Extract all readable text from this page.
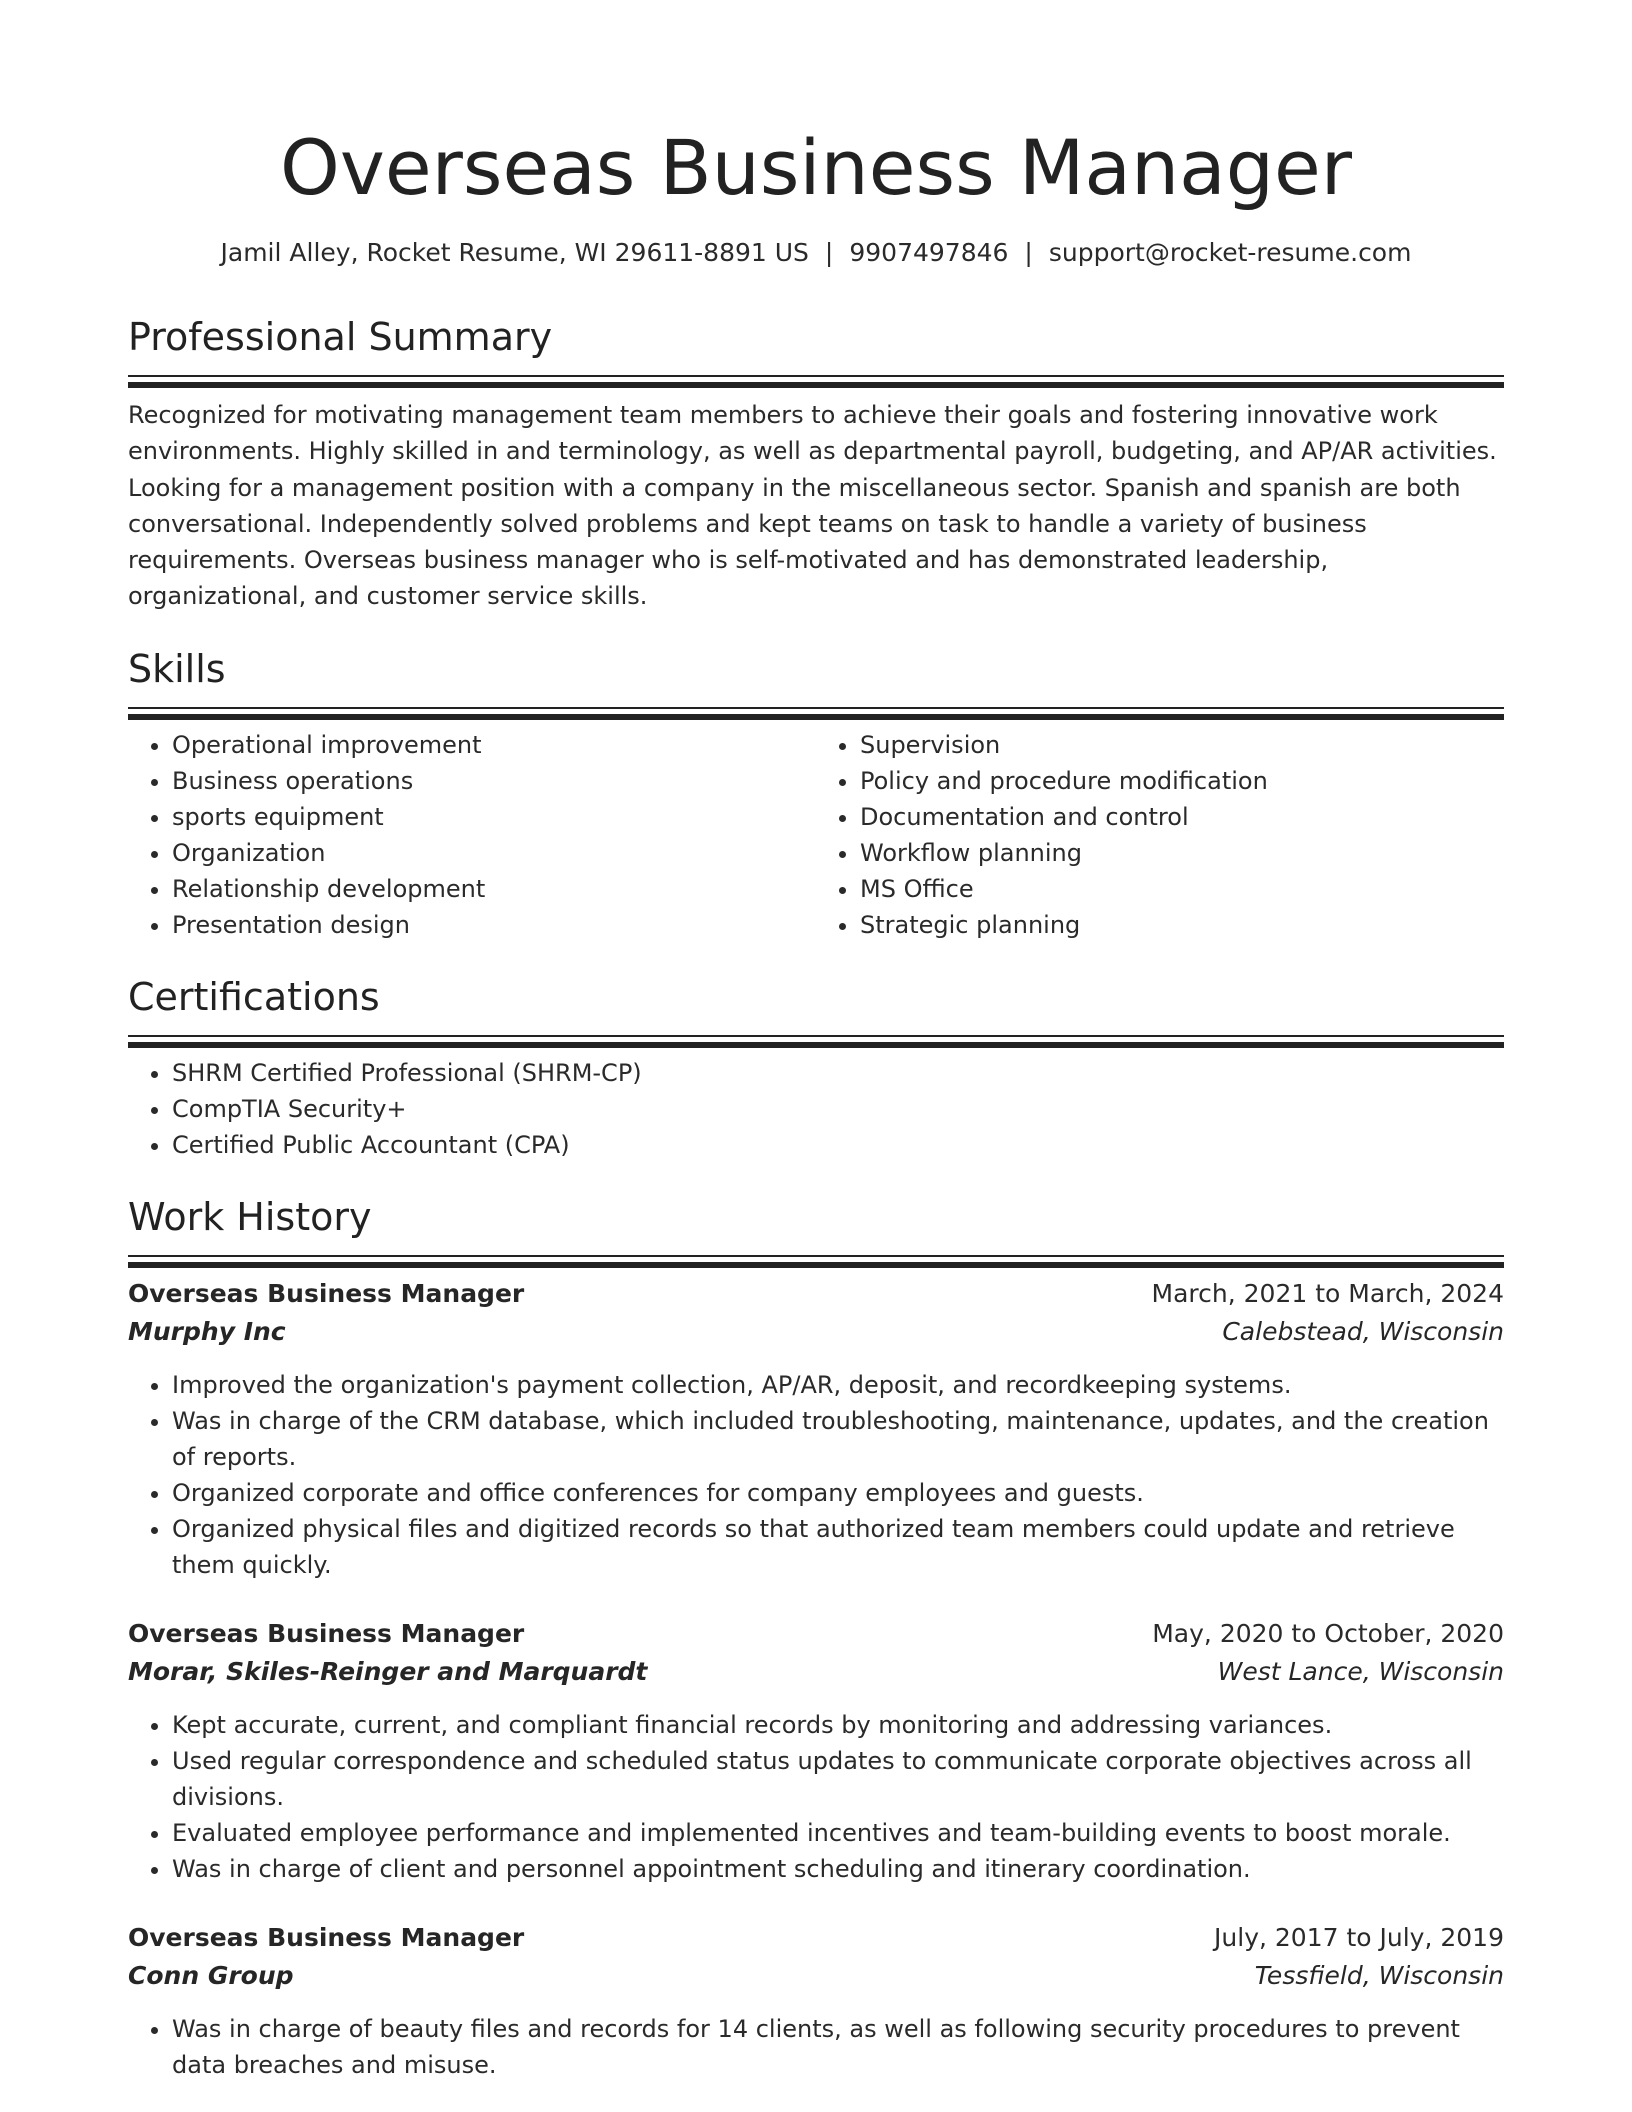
Overseas Business Manager
Jamil Alley, Rocket Resume, WI 29611-8891 US | 9907497846 | support@rocket-resume.com
Professional Summary
Recognized for motivating management team members to achieve their goals and fostering innovative work environments. Highly skilled in and terminology, as well as departmental payroll, budgeting, and AP/AR activities. Looking for a management position with a company in the miscellaneous sector. Spanish and spanish are both conversational. Independently solved problems and kept teams on task to handle a variety of business requirements. Overseas business manager who is self-motivated and has demonstrated leadership, organizational, and customer service skills.
Skills
• Operational improvement
• Business operations
• sports equipment
• Organization
• Relationship development
• Presentation design
• Supervision
• Policy and procedure modification
• Documentation and control
• Workflow planning
• MS Office
• Strategic planning
Certifications
• SHRM Certified Professional (SHRM-CP)
• CompTIA Security+
• Certified Public Accountant (CPA)
Work History
Overseas Business Manager	March, 2021 to March, 2024
Murphy Inc	Calebstead, Wisconsin
• Improved the organization's payment collection, AP/AR, deposit, and recordkeeping systems.
• Was in charge of the CRM database, which included troubleshooting, maintenance, updates, and the creation of reports.
• Organized corporate and office conferences for company employees and guests.
• Organized physical files and digitized records so that authorized team members could update and retrieve them quickly.
Overseas Business Manager	May, 2020 to October, 2020
Morar, Skiles-Reinger and Marquardt	West Lance, Wisconsin
• Kept accurate, current, and compliant financial records by monitoring and addressing variances.
• Used regular correspondence and scheduled status updates to communicate corporate objectives across all divisions.
• Evaluated employee performance and implemented incentives and team-building events to boost morale.
• Was in charge of client and personnel appointment scheduling and itinerary coordination.
Overseas Business Manager	July, 2017 to July, 2019
Conn Group	Tessfield, Wisconsin
• Was in charge of beauty files and records for 14 clients, as well as following security procedures to prevent data breaches and misuse.
